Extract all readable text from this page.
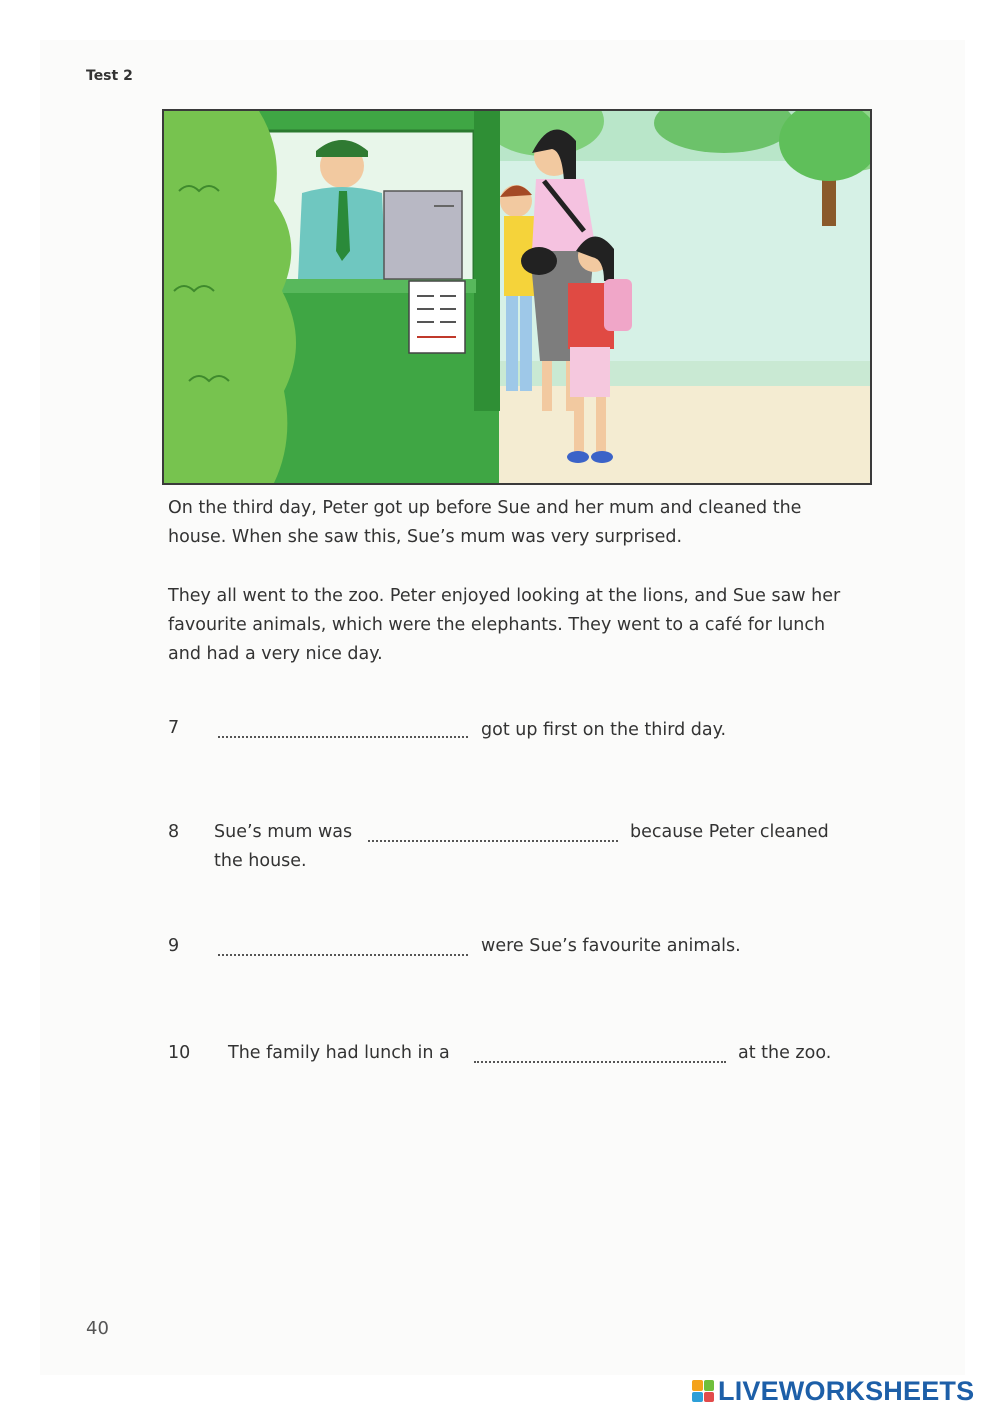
Test 2

On the third day, Peter got up before Sue and her mum and cleaned the house. When she saw this, Sue’s mum was very surprised.

They all went to the zoo. Peter enjoyed looking at the lions, and Sue saw her favourite animals, which were the elephants. They went to a café for lunch and had a very nice day.

7	got up first on the third day.
8 Sue’s mum was	because Peter cleaned
the house.
9	were Sue’s favourite animals.
10 The family had lunch in a	at the zoo.
40
LIVEWORKSHEETS
